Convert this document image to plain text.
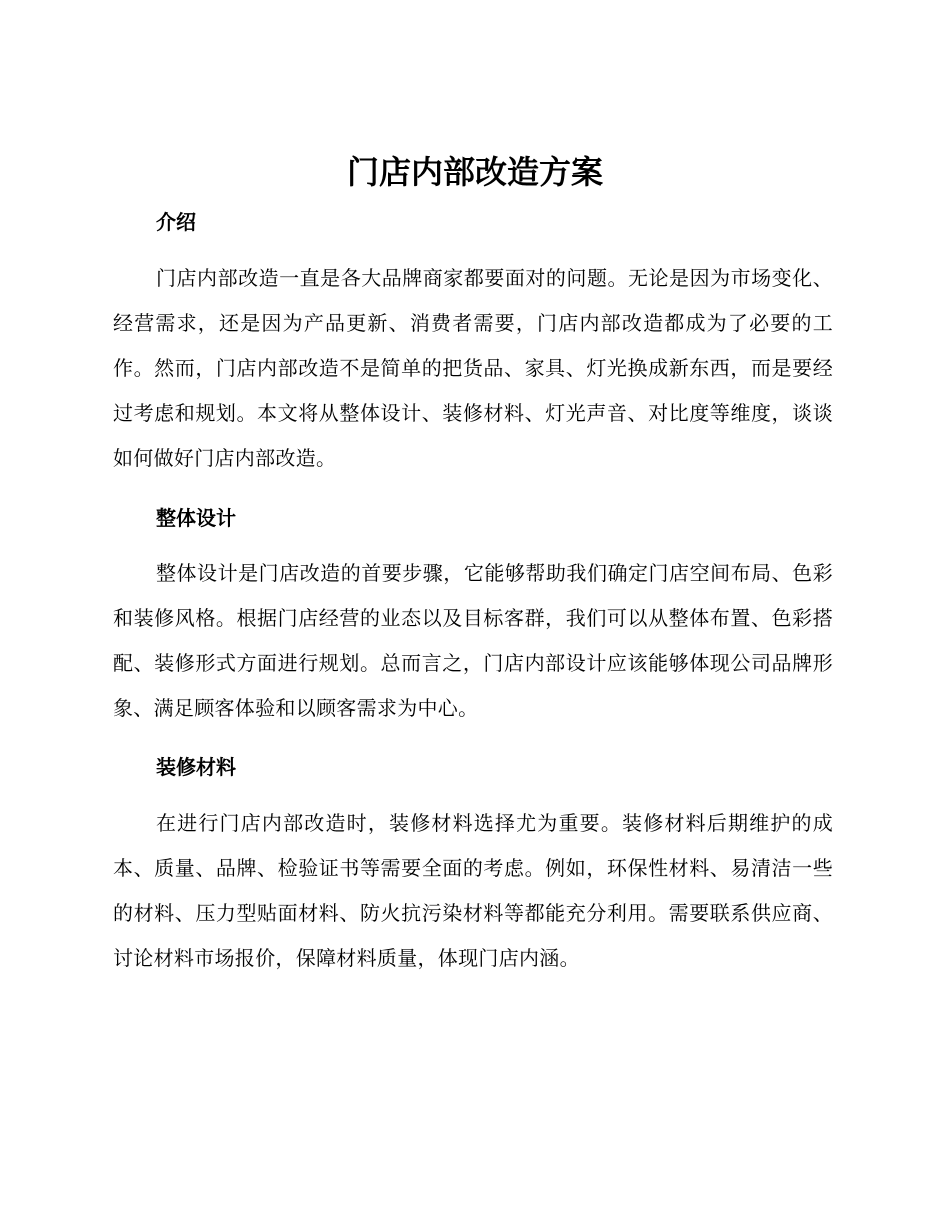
门店内部改造方案
介绍

门店内部改造一直是各大品牌商家都要面对的问题。无论是因为市场变化、经营需求，还是因为产品更新、消费者需要，门店内部改造都成为了必要的工作。然而，门店内部改造不是简单的把货品、家具、灯光换成新东西，而是要经过考虑和规划。本文将从整体设计、装修材料、灯光声音、对比度等维度，谈谈如何做好门店内部改造。

整体设计

整体设计是门店改造的首要步骤，它能够帮助我们确定门店空间布局、色彩和装修风格。根据门店经营的业态以及目标客群，我们可以从整体布置、色彩搭配、装修形式方面进行规划。总而言之，门店内部设计应该能够体现公司品牌形象、满足顾客体验和以顾客需求为中心。

装修材料

在进行门店内部改造时，装修材料选择尤为重要。装修材料后期维护的成本、质量、品牌、检验证书等需要全面的考虑。例如，环保性材料、易清洁一些的材料、压力型贴面材料、防火抗污染材料等都能充分利用。需要联系供应商、讨论材料市场报价，保障材料质量，体现门店内涵。
